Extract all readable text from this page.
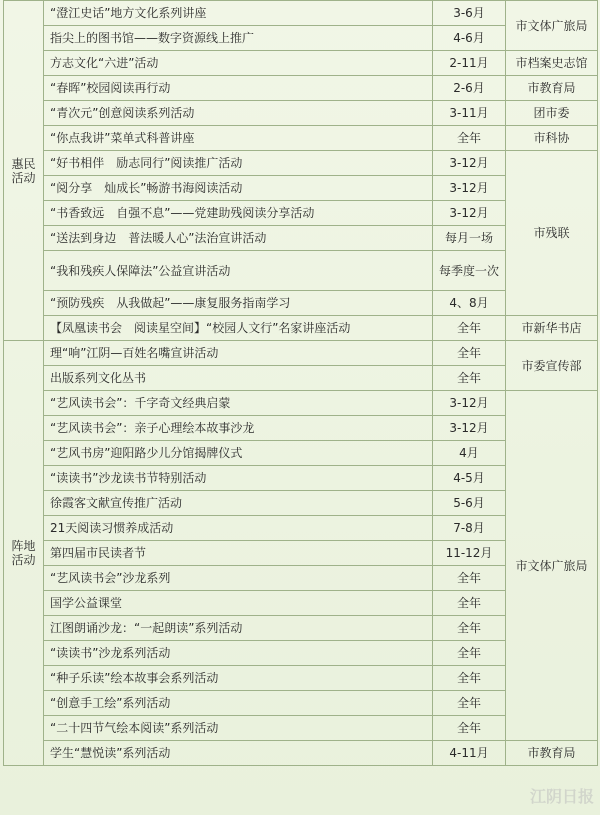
惠民活动	“澄江史话”地方文化系列讲座	3-6月	市文体广旅局
	指尖上的图书馆——数字资源线上推广	4-6月	
	方志文化“六进”活动	2-11月	市档案史志馆
	“春晖”校园阅读再行动	2-6月	市教育局
	“青次元”创意阅读系列活动	3-11月	团市委
	“你点我讲”菜单式科普讲座	全年	市科协
	“好书相伴　励志同行”阅读推广活动	3-12月	市残联
	“阅分享　灿成长”畅游书海阅读活动	3-12月	
	“书香致远　自强不息”——党建助残阅读分享活动	3-12月	
	“送法到身边　普法暖人心”法治宣讲活动	每月一场	
	“我和残疾人保障法”公益宣讲活动	每季度一次	
	“预防残疾　从我做起”——康复服务指南学习	4、8月	
	【凤凰读书会　阅读星空间】“校园人文行”名家讲座活动	全年	市新华书店
阵地活动	理“响”江阴—百姓名嘴宣讲活动	全年	市委宣传部
	出版系列文化丛书	全年	
	“艺风读书会”：千字奇文经典启蒙	3-12月	市文体广旅局
	“艺风读书会”：亲子心理绘本故事沙龙	3-12月	
	“艺风书房”迎阳路少儿分馆揭牌仪式	4月	
	“读读书”沙龙读书节特别活动	4-5月	
	徐霞客文献宣传推广活动	5-6月	
	21天阅读习惯养成活动	7-8月	
	第四届市民读者节	11-12月	
	“艺风读书会”沙龙系列	全年	
	国学公益课堂	全年	
	江图朗诵沙龙：“一起朗读”系列活动	全年	
	“读读书”沙龙系列活动	全年	
	“种子乐读”绘本故事会系列活动	全年	
	“创意手工绘”系列活动	全年	
	“二十四节气绘本阅读”系列活动	全年	
	学生“慧悦读”系列活动	4-11月	市教育局
江阴日报
